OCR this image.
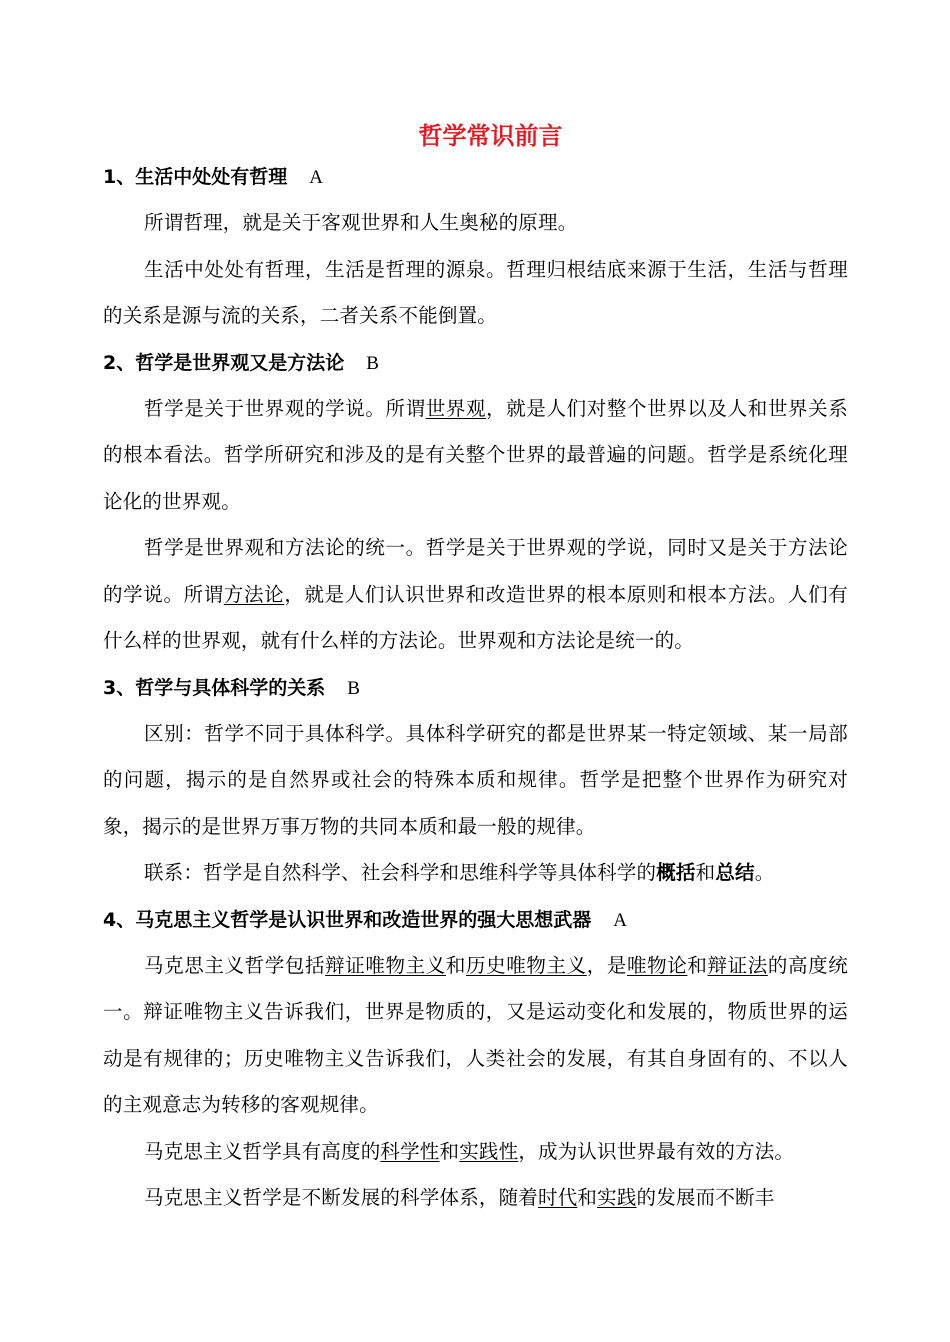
哲学常识前言
1、生活中处处有哲理 A

所谓哲理，就是关于客观世界和人生奥秘的原理。

生活中处处有哲理，生活是哲理的源泉。哲理归根结底来源于生活，生活与哲理的关系是源与流的关系，二者关系不能倒置。

2、哲学是世界观又是方法论 B

哲学是关于世界观的学说。所谓世界观，就是人们对整个世界以及人和世界关系的根本看法。哲学所研究和涉及的是有关整个世界的最普遍的问题。哲学是系统化理论化的世界观。

哲学是世界观和方法论的统一。哲学是关于世界观的学说，同时又是关于方法论的学说。所谓方法论，就是人们认识世界和改造世界的根本原则和根本方法。人们有什么样的世界观，就有什么样的方法论。世界观和方法论是统一的。

3、哲学与具体科学的关系 B

区别：哲学不同于具体科学。具体科学研究的都是世界某一特定领域、某一局部的问题，揭示的是自然界或社会的特殊本质和规律。哲学是把整个世界作为研究对象，揭示的是世界万事万物的共同本质和最一般的规律。

联系：哲学是自然科学、社会科学和思维科学等具体科学的概括和总结。

4、马克思主义哲学是认识世界和改造世界的强大思想武器 A

马克思主义哲学包括辩证唯物主义和历史唯物主义，是唯物论和辩证法的高度统一。辩证唯物主义告诉我们，世界是物质的，又是运动变化和发展的，物质世界的运动是有规律的；历史唯物主义告诉我们，人类社会的发展，有其自身固有的、不以人的主观意志为转移的客观规律。

马克思主义哲学具有高度的科学性和实践性，成为认识世界最有效的方法。

马克思主义哲学是不断发展的科学体系，随着时代和实践的发展而不断丰
